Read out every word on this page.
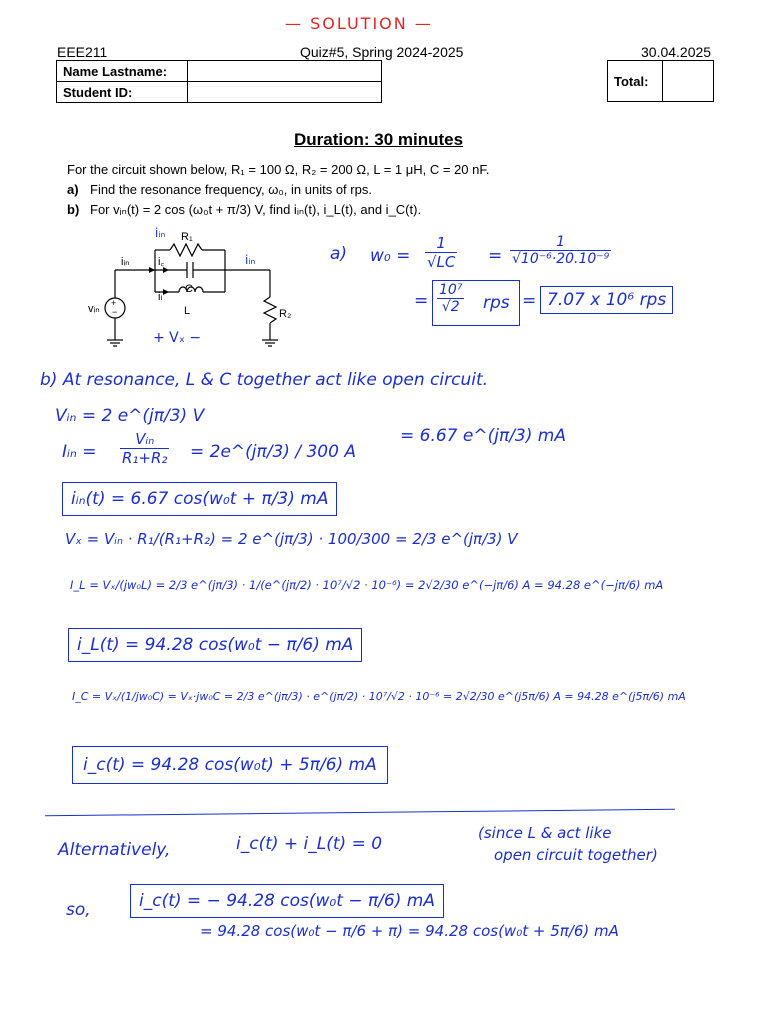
— SOLUTION —
EEE211	Quiz#5, Spring 2024-2025	30.04.2025
Name Lastname:	
Student ID:	
Total:	
Duration: 30 minutes
For the circuit shown below, R₁ = 100 Ω, R₂ = 200 Ω, L = 1 μH, C = 20 nF.
a) Find the resonance frequency, ω₀, in units of rps.
b) For vᵢₙ(t) = 2 cos (ω₀t + π/3) V, find iᵢₙ(t), i_L(t), and i_C(t).
+
−
vᵢₙ
iᵢₙ	i꜀
iₗ
R₁
C
L	R₂
+ Vₓ −
iᵢₙ
iᵢₙ	a) $w_0 = \frac{1}{√LC} = \frac{1}{\text{√10⁻⁶·20.10⁻⁹}}$
= $\frac{\text{10⁷}}{√2}$ rps = 7.07 x 10⁶ rps
b) At resonance, L & C together act like open circuit.
Vᵢₙ = 2 e^(jπ/3) V
Iᵢₙ =
Vᵢₙ
R₁+R₂ = 2e^(jπ/3) / 300 A
= 6.67 e^(jπ/3) mA
iᵢₙ(t) = 6.67 cos(w₀t + π/3) mA
Vₓ = Vᵢₙ · R₁/(R₁+R₂) = 2 e^(jπ/3) · 100/300 = 2/3 e^(jπ/3) V
I_L = Vₓ/(jw₀L) = 2/3 e^(jπ/3) · 1/(e^(jπ/2) · 10⁷/√2 · 10⁻⁶) = 2√2/30 e^(−jπ/6) A = 94.28 e^(−jπ/6) mA
i_L(t) = 94.28 cos(w₀t − π/6) mA
I_C = Vₓ/(1/jw₀C) = Vₓ·jw₀C = 2/3 e^(jπ/3) · e^(jπ/2) · 10⁷/√2 · 10⁻⁶ = 2√2/30 e^(j5π/6) A = 94.28 e^(j5π/6) mA
i_c(t) = 94.28 cos(w₀t) + 5π/6) mA
Alternatively,	i_c(t) + i_L(t) = 0
(since L & act like
open circuit together)
so,	i_c(t) = − 94.28 cos(w₀t − π/6) mA
= 94.28 cos(w₀t − π/6 + π) = 94.28 cos(w₀t + 5π/6) mA
